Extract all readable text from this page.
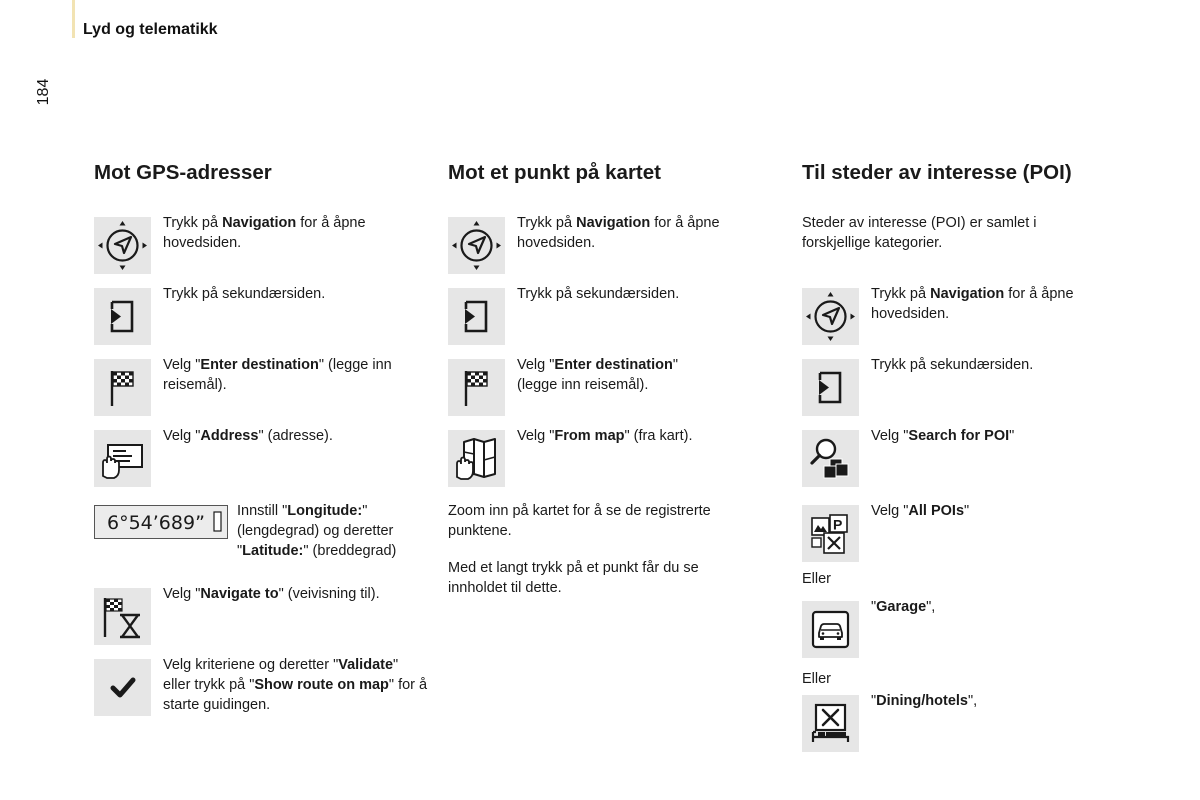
Lyd og telematikk
184
Mot GPS-adresser
Trykk på Navigation for å åpne hovedsiden.
Trykk på sekundærsiden.
Velg "Enter destination" (legge inn reisemål).
Velg "Address" (adresse).
6°54’689”
Innstill "Longitude:" (lengdegrad) og deretter "Latitude:" (breddegrad)
Velg "Navigate to" (veivisning til).
Velg kriteriene og deretter "Validate" eller trykk på "Show route on map" for å starte guidingen.
Mot et punkt på kartet
Trykk på Navigation for å åpne hovedsiden.
Trykk på sekundærsiden.
Velg "Enter destination" (legge inn reisemål).
Velg "From map" (fra kart).
Zoom inn på kartet for å se de registrerte punktene.
Med et langt trykk på et punkt får du se innholdet til dette.
Til steder av interesse (POI)
Steder av interesse (POI) er samlet i forskjellige kategorier.
Trykk på Navigation for å åpne hovedsiden.
Trykk på sekundærsiden.
Velg "Search for POI"
P
Velg "All POIs"
Eller
"Garage",
Eller
"Dining/hotels",
